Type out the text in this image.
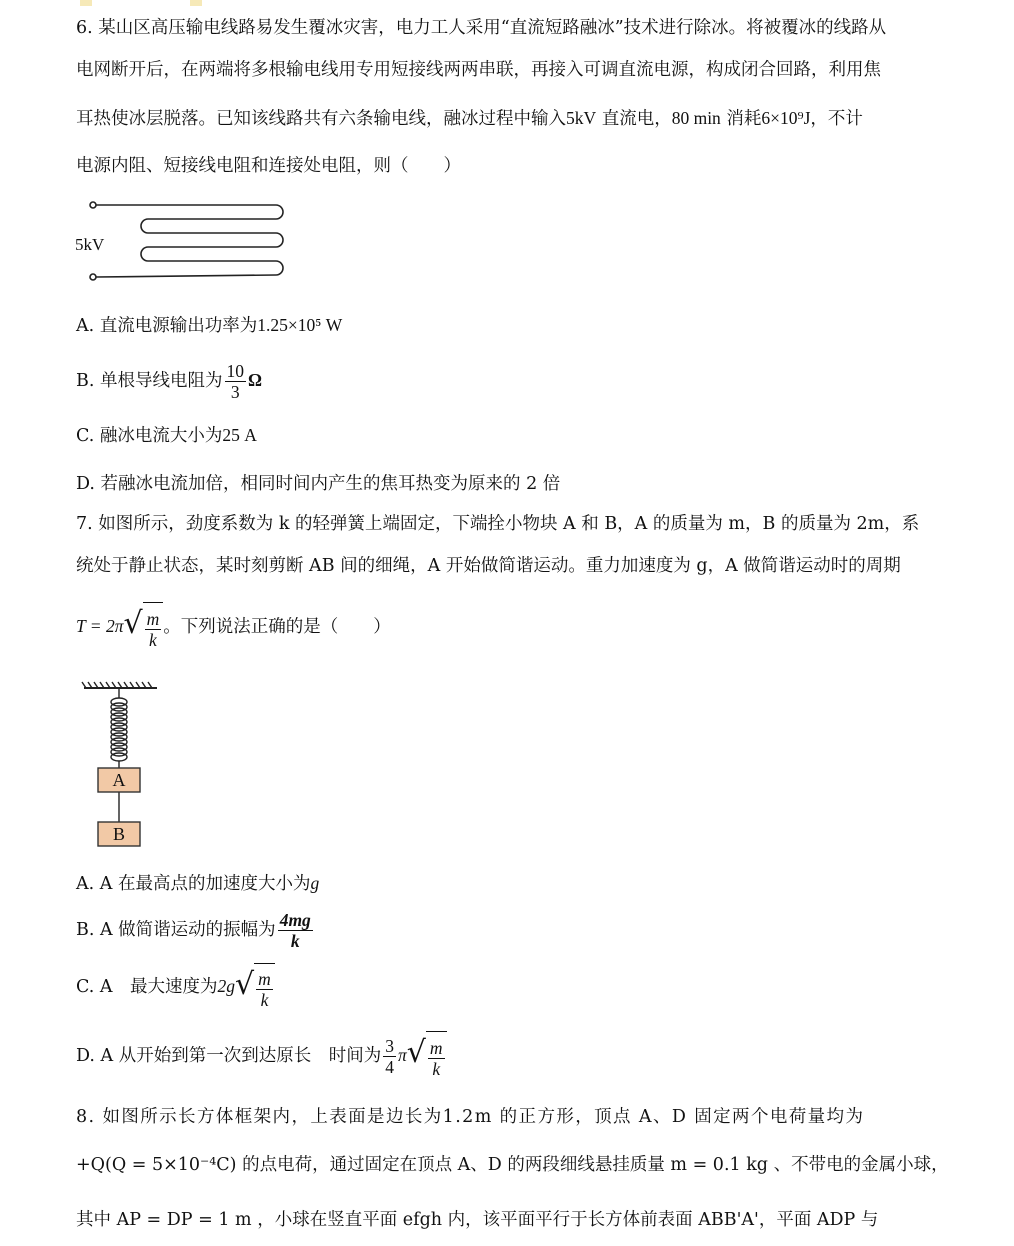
6. 某山区高压输电线路易发生覆冰灾害，电力工人采用“直流短路融冰”技术进行除冰。将被覆冰的线路从
电网断开后，在两端将多根输电线用专用短接线两两串联，再接入可调直流电源，构成闭合回路，利用焦
耳热使冰层脱落。已知该线路共有六条输电线，融冰过程中输入5kV 直流电，80 min 消耗6×10⁹J，不计
电源内阻、短接线电阻和连接处电阻，则（　　）
5kV
A. 直流电源输出功率为1.25×10⁵ W
B. 单根导线电阻为 $\frac{10}{3}$ Ω
C. 融冰电流大小为25 A
D. 若融冰电流加倍，相同时间内产生的焦耳热变为原来的 2 倍
7. 如图所示，劲度系数为 k 的轻弹簧上端固定，下端拴小物块 A 和 B，A 的质量为 m，B 的质量为 2m，系
统处于静止状态，某时刻剪断 AB 间的细绳，A 开始做简谐运动。重力加速度为 g，A 做简谐运动时的周期
T = 2π √ $\frac{m}{k}$ 。下列说法正确的是（　　）
A
B
A. A 在最高点的加速度大小为g
B. A 做简谐运动的振幅为 $\frac{4mg}{k}$
C. A　最大速度为2g √ $\frac{m}{k}$
D. A 从开始到第一次到达原长　时间为 $\frac{3}{4}$ π √ $\frac{m}{k}$
8. 如图所示长方体框架内，上表面是边长为1.2m 的正方形，顶点 A、D 固定两个电荷量均为
+Q(Q = 5×10⁻⁴C) 的点电荷，通过固定在顶点 A、D 的两段细线悬挂质量 m = 0.1 kg 、不带电的金属小球，
其中 AP = DP = 1 m ，小球在竖直平面 efgh 内，该平面平行于长方体前表面 ABB'A'，平面 ADP 与
